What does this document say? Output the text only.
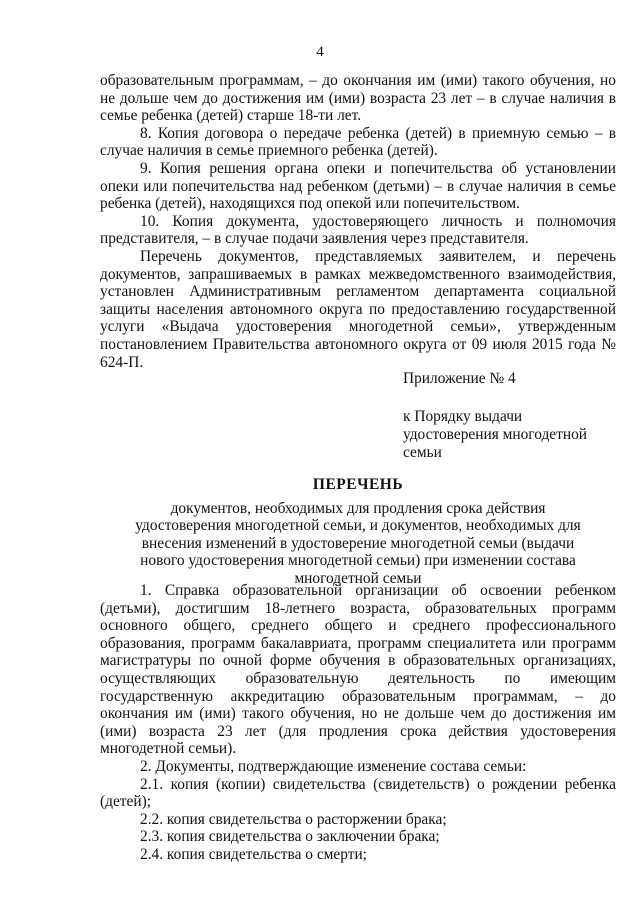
4

образовательным программам, – до окончания им (ими) такого обучения, но не дольше чем до достижения им (ими) возраста 23 лет – в случае наличия в семье ребенка (детей) старше 18-ти лет.

8. Копия договора о передаче ребенка (детей) в приемную семью – в случае наличия в семье приемного ребенка (детей).

9. Копия решения органа опеки и попечительства об установлении опеки или попечительства над ребенком (детьми) – в случае наличия в семье ребенка (детей), находящихся под опекой или попечительством.

10. Копия документа, удостоверяющего личность и полномочия представителя, – в случае подачи заявления через представителя.

Перечень документов, представляемых заявителем, и перечень документов, запрашиваемых в рамках межведомственного взаимодействия, установлен Административным регламентом департамента социальной защиты населения автономного округа по предоставлению государственной услуги «Выдача удостоверения многодетной семьи», утвержденным постановлением Правительства автономного округа от 09 июля 2015 года № 624-П.

Приложение № 4

к Порядку выдачи

удостоверения многодетной

семьи

ПЕРЕЧЕНЬ
документов, необходимых для продления срока действия удостоверения многодетной семьи, и документов, необходимых для внесения изменений в удостоверение многодетной семьи (выдачи нового удостоверения многодетной семьи) при изменении состава многодетной семьи

1. Справка образовательной организации об освоении ребенком (детьми), достигшим 18-летнего возраста, образовательных программ основного общего, среднего общего и среднего профессионального образования, программ бакалавриата, программ специалитета или программ магистратуры по очной форме обучения в образовательных организациях, осуществляющих образовательную деятельность по имеющим государственную аккредитацию образовательным программам, – до окончания им (ими) такого обучения, но не дольше чем до достижения им (ими) возраста 23 лет (для продления срока действия удостоверения многодетной семьи).

2. Документы, подтверждающие изменение состава семьи:

2.1. копия (копии) свидетельства (свидетельств) о рождении ребенка (детей);

2.2. копия свидетельства о расторжении брака;

2.3. копия свидетельства о заключении брака;

2.4. копия свидетельства о смерти;
